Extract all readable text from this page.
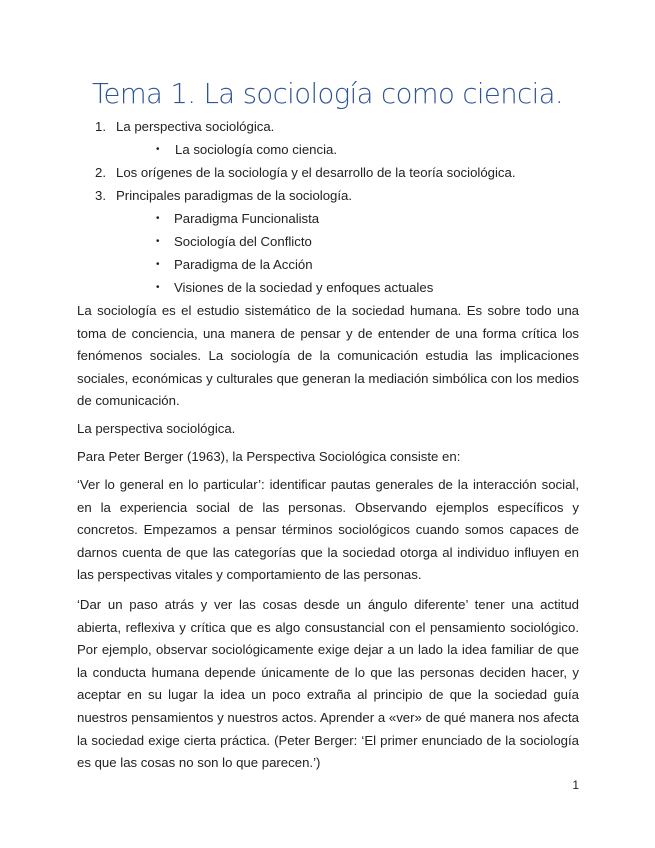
Tema 1. La sociología como ciencia.
1. La perspectiva sociológica.
• La sociología como ciencia.
2. Los orígenes de la sociología y el desarrollo de la teoría sociológica.
3. Principales paradigmas de la sociología.
• Paradigma Funcionalista
• Sociología del Conflicto
• Paradigma de la Acción
• Visiones de la sociedad y enfoques actuales

La sociología es el estudio sistemático de la sociedad humana. Es sobre todo una toma de conciencia, una manera de pensar y de entender de una forma crítica los fenómenos sociales. La sociología de la comunicación estudia las implicaciones sociales, económicas y culturales que generan la mediación simbólica con los medios de comunicación.

La perspectiva sociológica.

Para Peter Berger (1963), la Perspectiva Sociológica consiste en:

‘Ver lo general en lo particular’: identificar pautas generales de la interacción social, en la experiencia social de las personas. Observando ejemplos específicos y concretos. Empezamos a pensar términos sociológicos cuando somos capaces de darnos cuenta de que las categorías que la sociedad otorga al individuo influyen en las perspectivas vitales y comportamiento de las personas.

‘Dar un paso atrás y ver las cosas desde un ángulo diferente’ tener una actitud abierta, reflexiva y crítica que es algo consustancial con el pensamiento sociológico. Por ejemplo, observar sociológicamente exige dejar a un lado la idea familiar de que la conducta humana depende únicamente de lo que las personas deciden hacer, y aceptar en su lugar la idea un poco extraña al principio de que la sociedad guía nuestros pensamientos y nuestros actos. Aprender a «ver» de qué manera nos afecta la sociedad exige cierta práctica. (Peter Berger: ‘El primer enunciado de la sociología es que las cosas no son lo que parecen.’)

1
